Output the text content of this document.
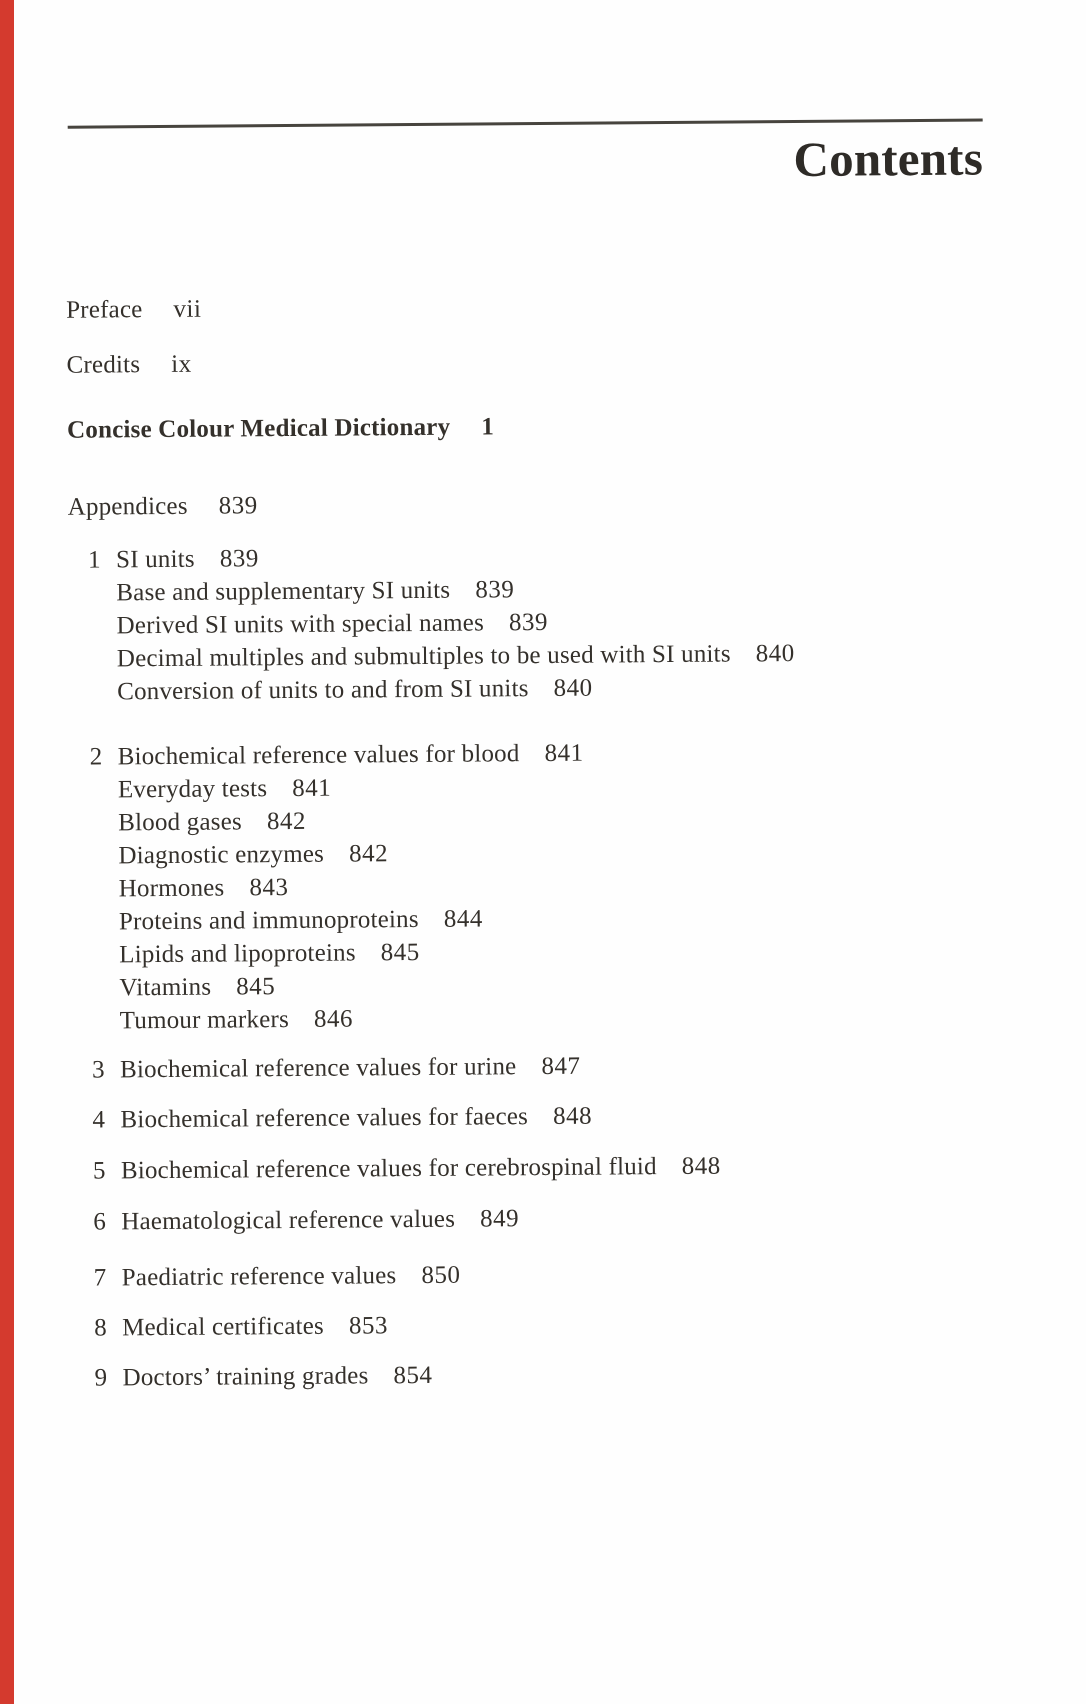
Contents
Preface vii
Credits ix
Concise Colour Medical Dictionary 1
Appendices 839
1 SI units 839
Base and supplementary SI units 839
Derived SI units with special names 839
Decimal multiples and submultiples to be used with SI units 840
Conversion of units to and from SI units 840
2 Biochemical reference values for blood 841
Everyday tests 841
Blood gases 842
Diagnostic enzymes 842
Hormones 843
Proteins and immunoproteins 844
Lipids and lipoproteins 845
Vitamins 845
Tumour markers 846
3 Biochemical reference values for urine 847
4 Biochemical reference values for faeces 848
5 Biochemical reference values for cerebrospinal fluid 848
6 Haematological reference values 849
7 Paediatric reference values 850
8 Medical certificates 853
9 Doctors’ training grades 854
